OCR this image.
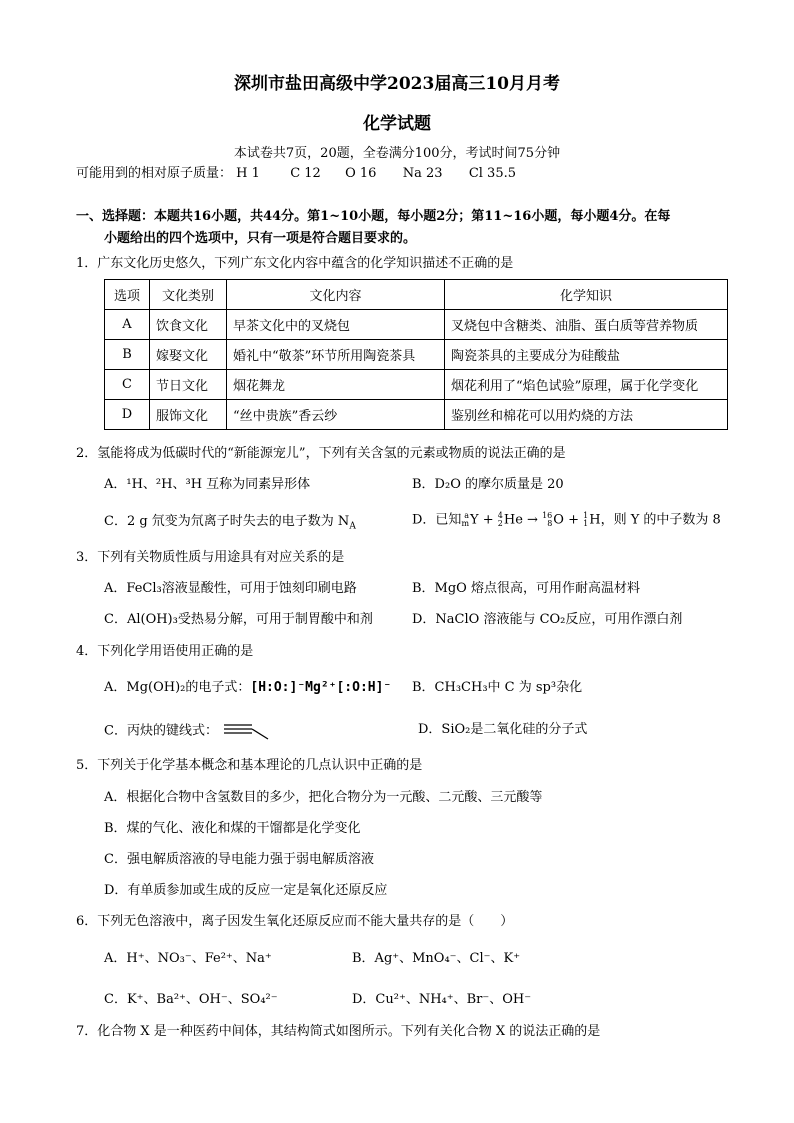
深圳市盐田高级中学2023届高三10月月考
化学试题
本试卷共7页，20题，全卷满分100分，考试时间75分钟
可能用到的相对原子质量： H 1 C 12 O 16 Na 23 Cl 35.5
一、选择题：本题共16小题，共44分。第1~10小题，每小题2分；第11~16小题，每小题4分。在每
小题给出的四个选项中，只有一项是符合题目要求的。
1．广东文化历史悠久，下列广东文化内容中蕴含的化学知识描述不正确的是
选项	文化类别	文化内容	化学知识
A	饮食文化	早茶文化中的叉烧包	叉烧包中含糖类、油脂、蛋白质等营养物质
B	嫁娶文化	婚礼中“敬茶”环节所用陶瓷茶具	陶瓷茶具的主要成分为硅酸盐
C	节日文化	烟花舞龙	烟花利用了“焰色试验”原理，属于化学变化
D	服饰文化	“丝中贵族”香云纱	鉴别丝和棉花可以用灼烧的方法
2．氢能将成为低碳时代的“新能源宠儿”，下列有关含氢的元素或物质的说法正确的是
A．¹H、²H、³H 互称为同素异形体	B．D₂O 的摩尔质量是 20
C．2 g 氘变为氘离子时失去的电子数为 $N_A$	D．已知 a
mY + 4
2He → 16
8O + 1
1H，则 Y 的中子数为 8
3．下列有关物质性质与用途具有对应关系的是
A．FeCl₃溶液显酸性，可用于蚀刻印刷电路	B．MgO 熔点很高，可用作耐高温材料
C．Al(OH)₃受热易分解，可用于制胃酸中和剂	D．NaClO 溶液能与 CO₂反应，可用作漂白剂
4．下列化学用语使用正确的是
A．Mg(OH)₂的电子式：[H:O:]⁻Mg²⁺[:O:H]⁻ B．CH₃CH₃中 C 为 sp³杂化
C．丙炔的键线式：	D．SiO₂是二氧化硅的分子式
5．下列关于化学基本概念和基本理论的几点认识中正确的是
A．根据化合物中含氢数目的多少，把化合物分为一元酸、二元酸、三元酸等
B．煤的气化、液化和煤的干馏都是化学变化
C．强电解质溶液的导电能力强于弱电解质溶液
D．有单质参加或生成的反应一定是氧化还原反应
6．下列无色溶液中，离子因发生氧化还原反应而不能大量共存的是（　　）
A．H⁺、NO₃⁻、Fe²⁺、Na⁺	B．Ag⁺、MnO₄⁻、Cl⁻、K⁺
C．K⁺、Ba²⁺、OH⁻、SO₄²⁻	D．Cu²⁺、NH₄⁺、Br⁻、OH⁻
7．化合物 X 是一种医药中间体，其结构简式如图所示。下列有关化合物 X 的说法正确的是
